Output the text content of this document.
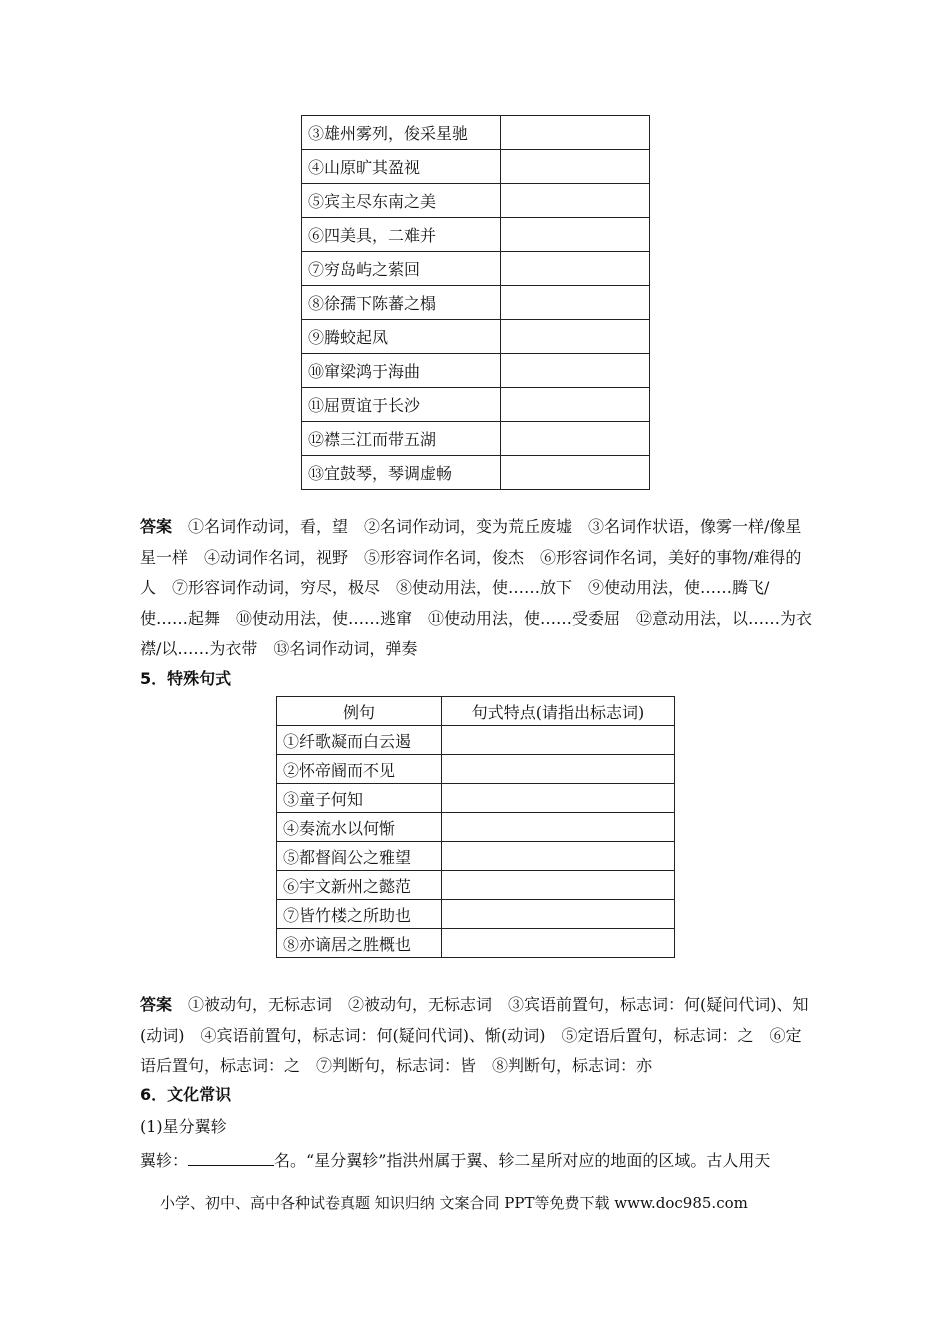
③雄州雾列，俊采星驰	
④山原旷其盈视	
⑤宾主尽东南之美	
⑥四美具，二难并	
⑦穷岛屿之萦回	
⑧徐孺下陈蕃之榻	
⑨腾蛟起凤	
⑩窜梁鸿于海曲	
⑪屈贾谊于长沙	
⑫襟三江而带五湖	
⑬宜鼓琴，琴调虚畅	
答案　 ①名词作动词，看，望　②名词作动词，变为荒丘废墟　③名词作状语，像雾一样/像星星一样　④动词作名词，视野　⑤形容词作名词，俊杰　⑥形容词作名词，美好的事物/难得的人　⑦形容词作动词，穷尽，极尽　⑧使动用法，使……放下　⑨使动用法，使……腾飞/使……起舞　⑩使动用法，使……逃窜　⑪使动用法，使……受委屈　⑫意动用法，以……为衣襟/以……为衣带　⑬名词作动词，弹奏
5．特殊句式
例句	句式特点(请指出标志词)
①纤歌凝而白云遏	
②怀帝阍而不见	
③童子何知	
④奏流水以何惭	
⑤都督阎公之雅望	
⑥宇文新州之懿范	
⑦皆竹楼之所助也	
⑧亦谪居之胜概也	
答案　 ①被动句，无标志词　②被动句，无标志词　③宾语前置句，标志词：何(疑问代词)、知(动词)　④宾语前置句，标志词：何(疑问代词)、惭(动词)　⑤定语后置句，标志词：之　⑥定语后置句，标志词：之　⑦判断句，标志词：皆　⑧判断句，标志词：亦
6．文化常识
(1)星分翼轸
翼轸：	名。“星分翼轸”指洪州属于翼、轸二星所对应的地面的区域。古人用天
小学、初中、高中各种试卷真题 知识归纳 文案合同 PPT等免费下载 www.doc985.com
